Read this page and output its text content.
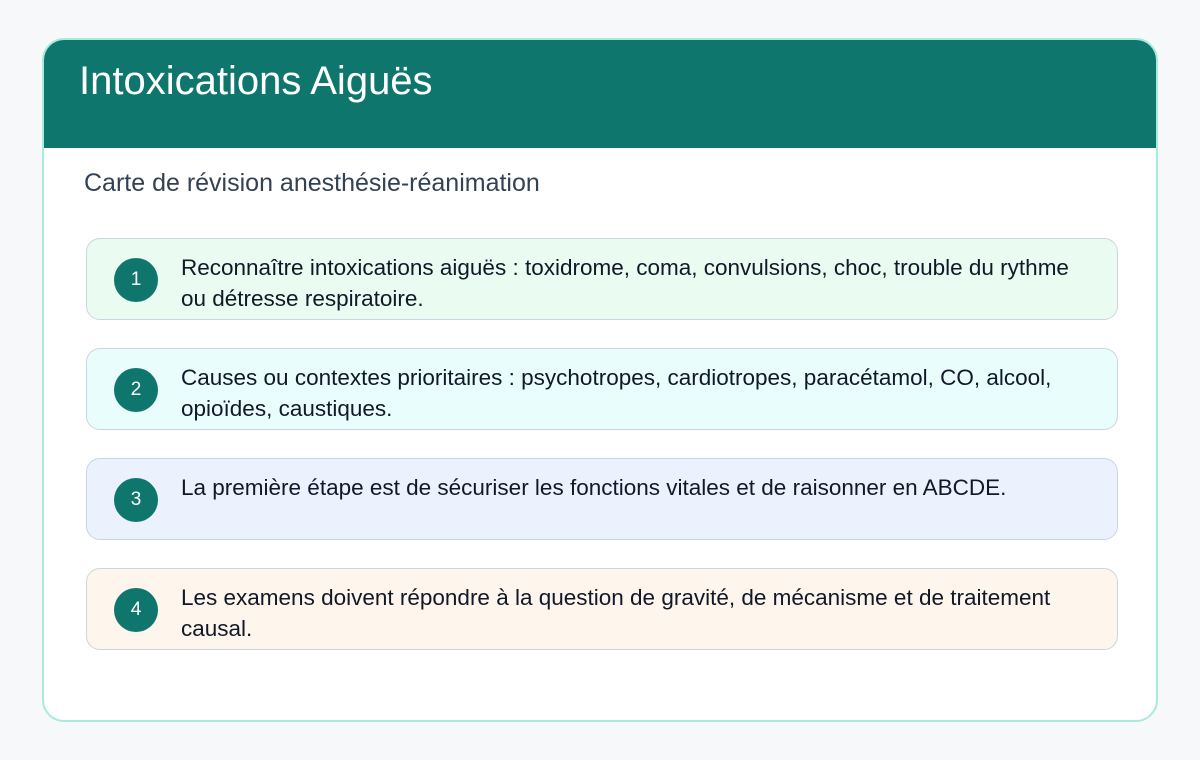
Intoxications Aiguës

Carte de révision anesthésie-réanimation

1	Reconnaître intoxications aiguës : toxidrome, coma, convulsions, choc, trouble du rythme ou détresse respiratoire.

2	Causes ou contextes prioritaires : psychotropes, cardiotropes, paracétamol, CO, alcool, opioïdes, caustiques.

3	La première étape est de sécuriser les fonctions vitales et de raisonner en ABCDE.

4	Les examens doivent répondre à la question de gravité, de mécanisme et de traitement causal.
